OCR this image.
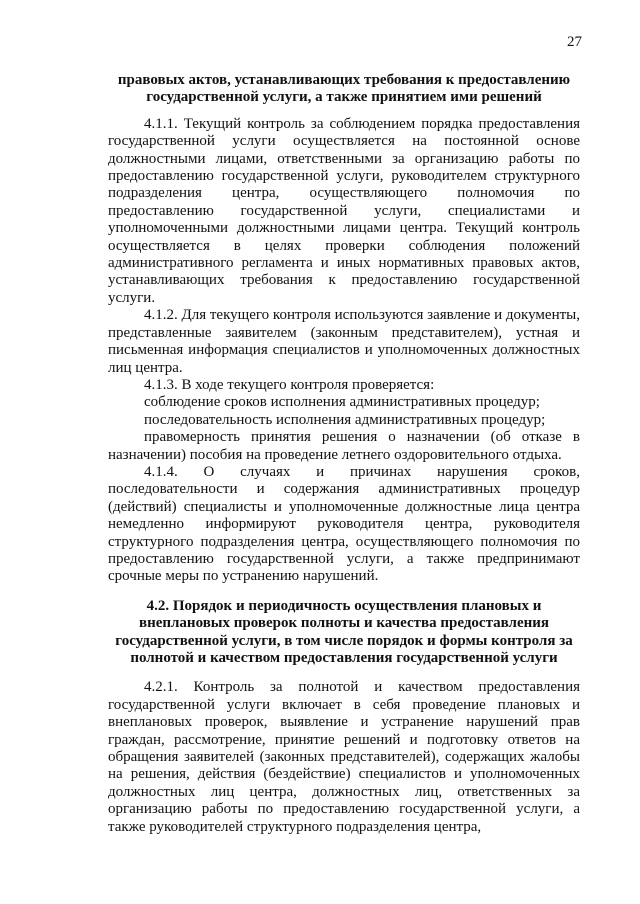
27

правовых актов, устанавливающих требования к предоставлению государственной услуги, а также принятием ими решений

4.1.1. Текущий контроль за соблюдением порядка предоставления государственной услуги осуществляется на постоянной основе должностными лицами, ответственными за организацию работы по предоставлению государственной услуги, руководителем структурного подразделения центра, осуществляющего полномочия по предоставлению государственной услуги, специалистами и уполномоченными должностными лицами центра. Текущий контроль осуществляется в целях проверки соблюдения положений административного регламента и иных нормативных правовых актов, устанавливающих требования к предоставлению государственной услуги.

4.1.2. Для текущего контроля используются заявление и документы, представленные заявителем (законным представителем), устная и письменная информация специалистов и уполномоченных должностных лиц центра.

4.1.3. В ходе текущего контроля проверяется:

соблюдение сроков исполнения административных процедур;

последовательность исполнения административных процедур;

правомерность принятия решения о назначении (об отказе в назначении) пособия на проведение летнего оздоровительного отдыха.

4.1.4. О случаях и причинах нарушения сроков, последовательности и содержания административных процедур (действий) специалисты и уполномоченные должностные лица центра немедленно информируют руководителя центра, руководителя структурного подразделения центра, осуществляющего полномочия по предоставлению государственной услуги, а также предпринимают срочные меры по устранению нарушений.

4.2. Порядок и периодичность осуществления плановых и внеплановых проверок полноты и качества предоставления государственной услуги, в том числе порядок и формы контроля за полнотой и качеством предоставления государственной услуги

4.2.1. Контроль за полнотой и качеством предоставления государственной услуги включает в себя проведение плановых и внеплановых проверок, выявление и устранение нарушений прав граждан, рассмотрение, принятие решений и подготовку ответов на обращения заявителей (законных представителей), содержащих жалобы на решения, действия (бездействие) специалистов и уполномоченных должностных лиц центра, должностных лиц, ответственных за организацию работы по предоставлению государственной услуги, а также руководителей структурного подразделения центра,
